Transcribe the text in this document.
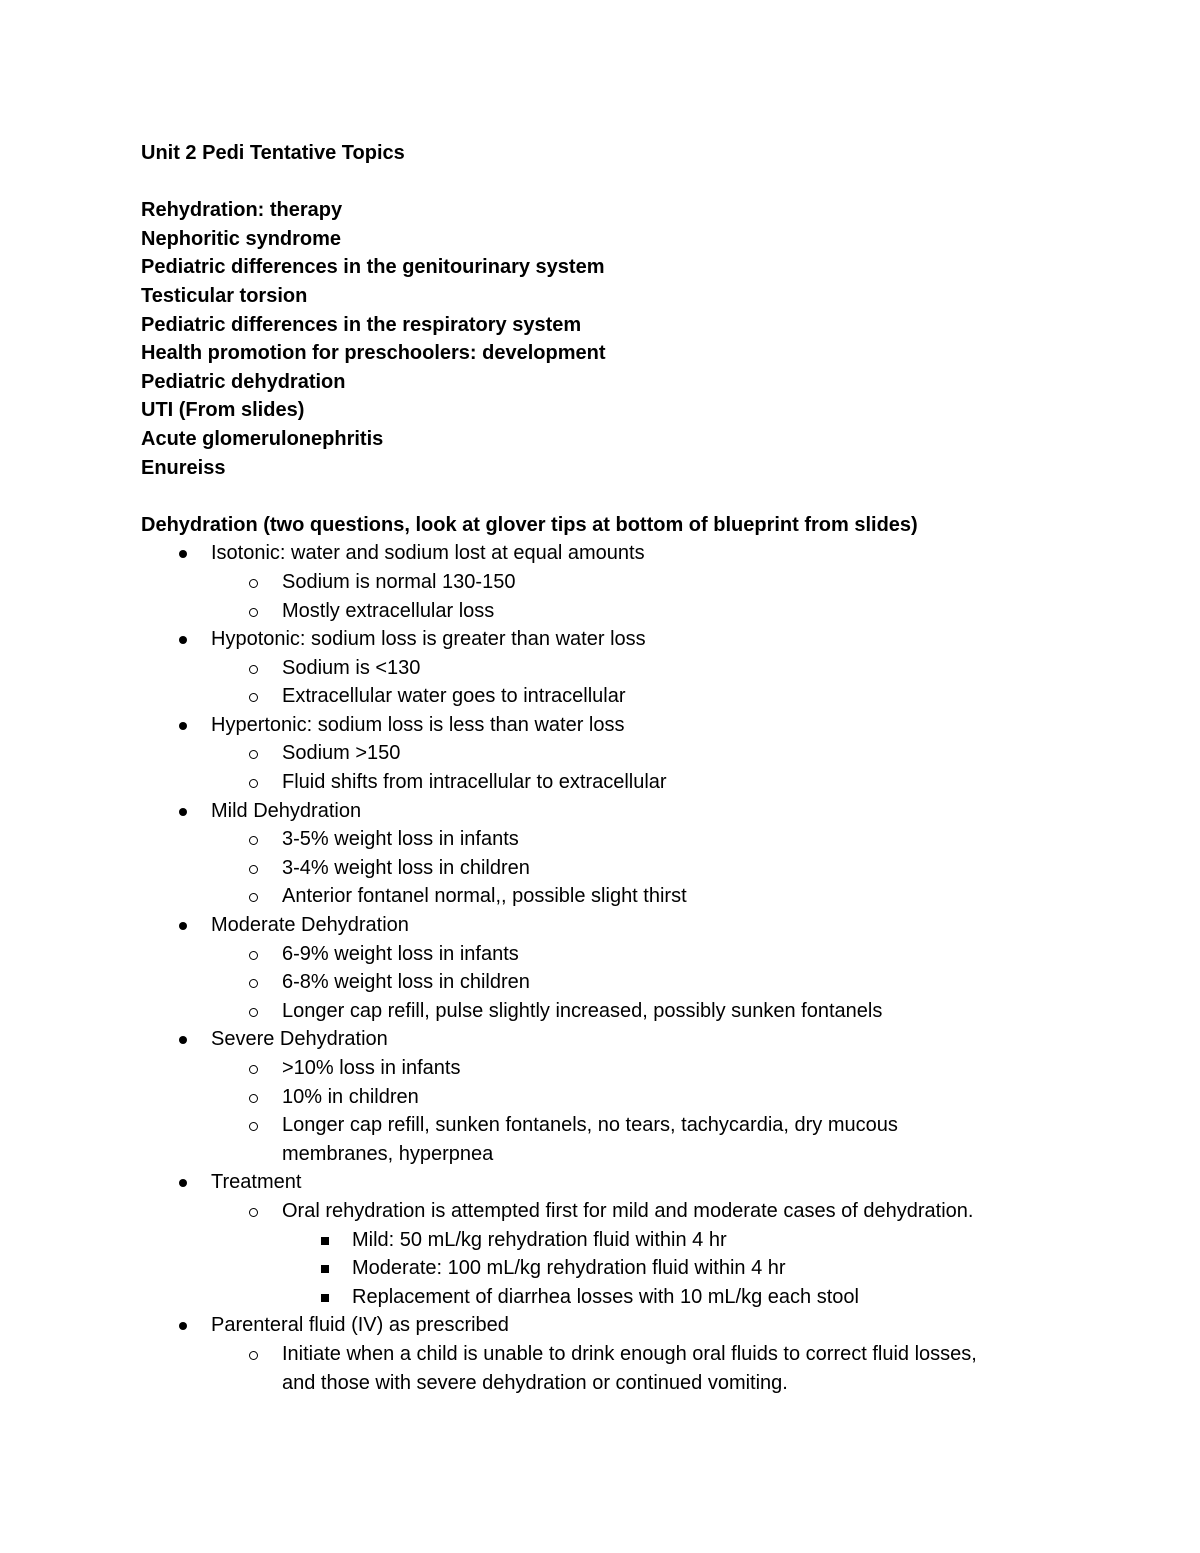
Unit 2 Pedi Tentative Topics

Rehydration: therapy

Nephoritic syndrome

Pediatric differences in the genitourinary system

Testicular torsion

Pediatric differences in the respiratory system

Health promotion for preschoolers: development

Pediatric dehydration

UTI (From slides)

Acute glomerulonephritis

Enureiss

Dehydration (two questions, look at glover tips at bottom of blueprint from slides)

Isotonic: water and sodium lost at equal amounts
Sodium is normal 130-150
Mostly extracellular loss
Hypotonic: sodium loss is greater than water loss
Sodium is <130
Extracellular water goes to intracellular
Hypertonic: sodium loss is less than water loss
Sodium >150
Fluid shifts from intracellular to extracellular
Mild Dehydration
3-5% weight loss in infants
3-4% weight loss in children
Anterior fontanel normal,, possible slight thirst
Moderate Dehydration
6-9% weight loss in infants
6-8% weight loss in children
Longer cap refill, pulse slightly increased, possibly sunken fontanels
Severe Dehydration
>10% loss in infants
10% in children
Longer cap refill, sunken fontanels, no tears, tachycardia, dry mucous
membranes, hyperpnea
Treatment
Oral rehydration is attempted first for mild and moderate cases of dehydration.
Mild: 50 mL/kg rehydration fluid within 4 hr
Moderate: 100 mL/kg rehydration fluid within 4 hr
Replacement of diarrhea losses with 10 mL/kg each stool
Parenteral fluid (IV) as prescribed
Initiate when a child is unable to drink enough oral fluids to correct fluid losses,
and those with severe dehydration or continued vomiting.
